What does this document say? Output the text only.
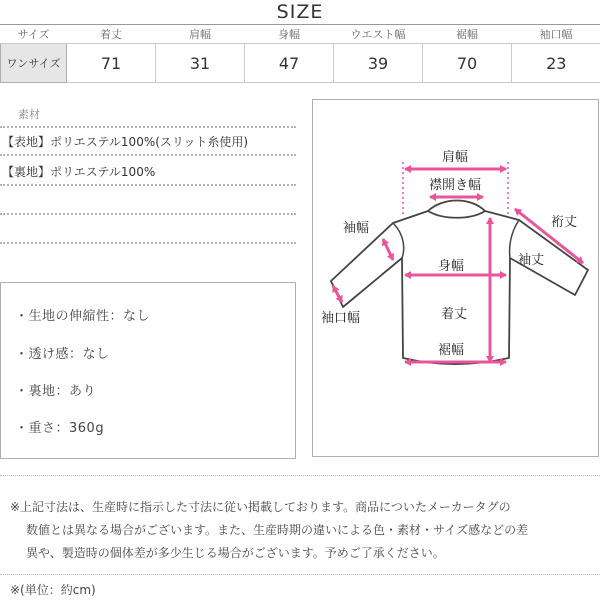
SIZE
サイズ	着丈	肩幅	身幅	ウエスト幅	裾幅	袖口幅
ワンサイズ	71	31	47	39	70	23
素材
【表地】ポリエステル100%(スリット糸使用)
【裏地】ポリエステル100%
・生地の伸縮性：なし
・透け感：なし
・裏地：あり
・重さ：360g
肩幅
襟開き幅
袖幅	裄丈
袖丈
身幅
袖口幅	着丈
裾幅
※上記寸法は、生産時に指示した寸法に従い掲載しております。商品についたメーカータグの
数値とは異なる場合がございます。また、生産時期の違いによる色・素材・サイズ感などの差
異や、製造時の個体差が多少生じる場合がございます。予めご了承ください。
※(単位：約cm)
